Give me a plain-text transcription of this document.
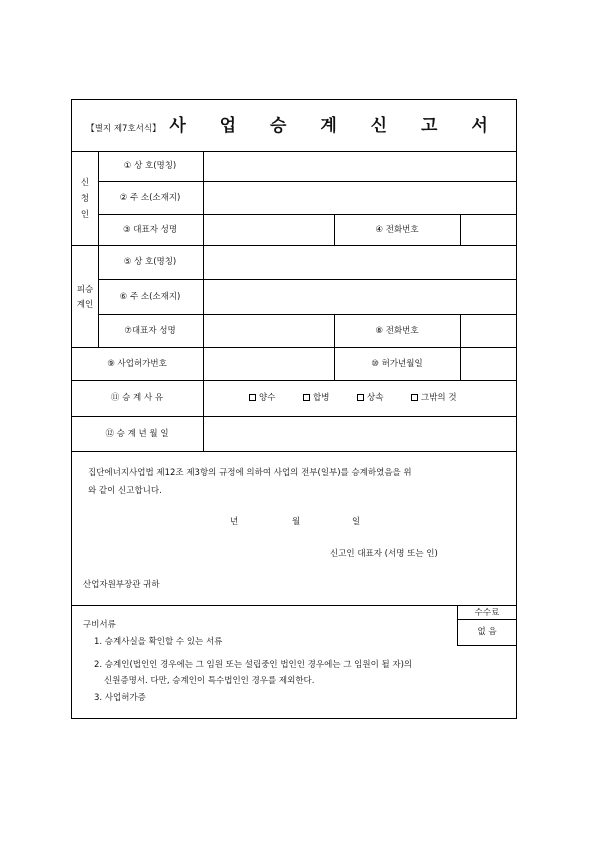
【별지 제7호서식】 사 업 승 계 신 고 서
신
청
인
① 상 호(명칭)
② 주 소(소재지)
③ 대표자 성명	④ 전화번호
피승
계인
⑤ 상 호(명칭)
⑥ 주 소(소재지)
⑦대표자 성명	⑧ 전화번호
⑨ 사업허가번호	⑩ 허가년월일
⑪ 승 계 사 유	양수	합병	상속	그밖의 것
⑫ 승 계 년 월 일
집단에너지사업법 제12조 제3항의 규정에 의하여 사업의 전부(일부)를 승계하였음을 위
와 같이 신고합니다.
년	월	일
신고인 대표자 (서명 또는 인)
산업자원부장관 귀하
구비서류
1. 승계사실을 확인할 수 있는 서류
2. 승계인(법인인 경우에는 그 임원 또는 설립중인 법인인 경우에는 그 임원이 될 자)의
신원증명서. 다만, 승계인이 특수법인인 경우를 제외한다.
3. 사업허가증
수수료
없 음
